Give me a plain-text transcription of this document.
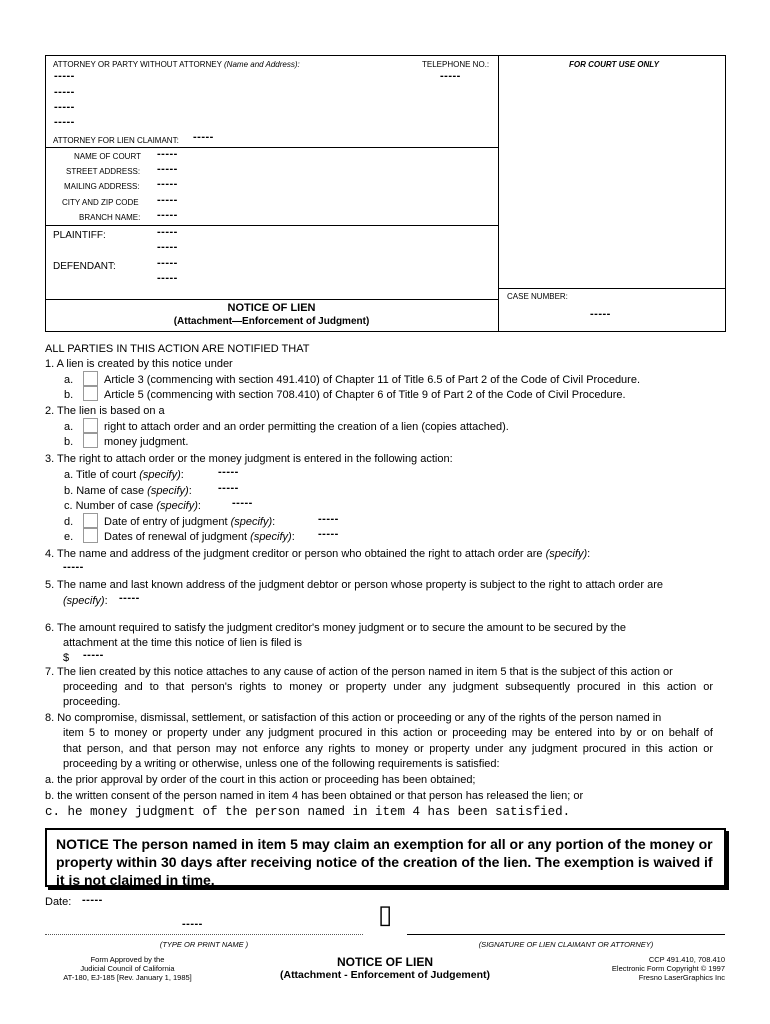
ATTORNEY OR PARTY WITHOUT ATTORNEY (Name and Address):	TELEPHONE NO.:	FOR COURT USE ONLY
-----	-----
-----
-----
-----
ATTORNEY FOR LIEN CLAIMANT: -----
NAME OF COURT -----
STREET ADDRESS: -----
MAILING ADDRESS: -----
CITY AND ZIP CODE -----
BRANCH NAME: -----
PLAINTIFF:	-----
-----
DEFENDANT:	-----
-----
NOTICE OF LIEN
(Attachment—Enforcement of Judgment)
CASE NUMBER:
-----
ALL PARTIES IN THIS ACTION ARE NOTIFIED THAT
1. A lien is created by this notice under
a.	Article 3 (commencing with section 491.410) of Chapter 11 of Title 6.5 of Part 2 of the Code of Civil Procedure.
b.	Article 5 (commencing with section 708.410) of Chapter 6 of Title 9 of Part 2 of the Code of Civil Procedure.
2. The lien is based on a
a.	right to attach order and an order permitting the creation of a lien (copies attached).
b.	money judgment.
3. The right to attach order or the money judgment is entered in the following action:
a. Title of court (specify):	-----
b. Name of case (specify): -----
c. Number of case (specify):	-----
d.	Date of entry of judgment (specify):	-----
e.	Dates of renewal of judgment (specify): -----
4. The name and address of the judgment creditor or person who obtained the right to attach order are (specify):
-----
5. The name and last known address of the judgment debtor or person whose property is subject to the right to attach order are
(specify): -----
6. The amount required to satisfy the judgment creditor's money judgment or to secure the amount to be secured by the
attachment at the time this notice of lien is filed is
$ -----
7. The lien created by this notice attaches to any cause of action of the person named in item 5 that is the subject of this action or
proceeding and to that person's rights to money or property under any judgment subsequently procured in this action or
proceeding.
8. No compromise, dismissal, settlement, or satisfaction of this action or proceeding or any of the rights of the person named in
item 5 to money or property under any judgment procured in this action or proceeding may be entered into by or on behalf of
that person, and that person may not enforce any rights to money or property under any judgment procured in this action or
proceeding by a writing or otherwise, unless one of the following requirements is satisfied:
a. the prior approval by order of the court in this action or proceeding has been obtained;
b. the written consent of the person named in item 4 has been obtained or that person has released the lien; or
c. he money judgment of the person named in item 4 has been satisfied.
NOTICE The person named in item 5 may claim an exemption for all or any portion of the money or property within 30 days after receiving notice of the creation of the lien. The exemption is waived if it is not claimed in time.
Date: -----
-----
(TYPE OR PRINT NAME )
▯
(SIGNATURE OF LIEN CLAIMANT OR ATTORNEY)
Form Approved by the
Judicial Council of California
AT-180, EJ-185 [Rev. January 1, 1985]
NOTICE OF LIEN
(Attachment - Enforcement of Judgement)
CCP 491.410, 708.410
Electronic Form Copyright © 1997
Fresno LaserGraphics Inc
